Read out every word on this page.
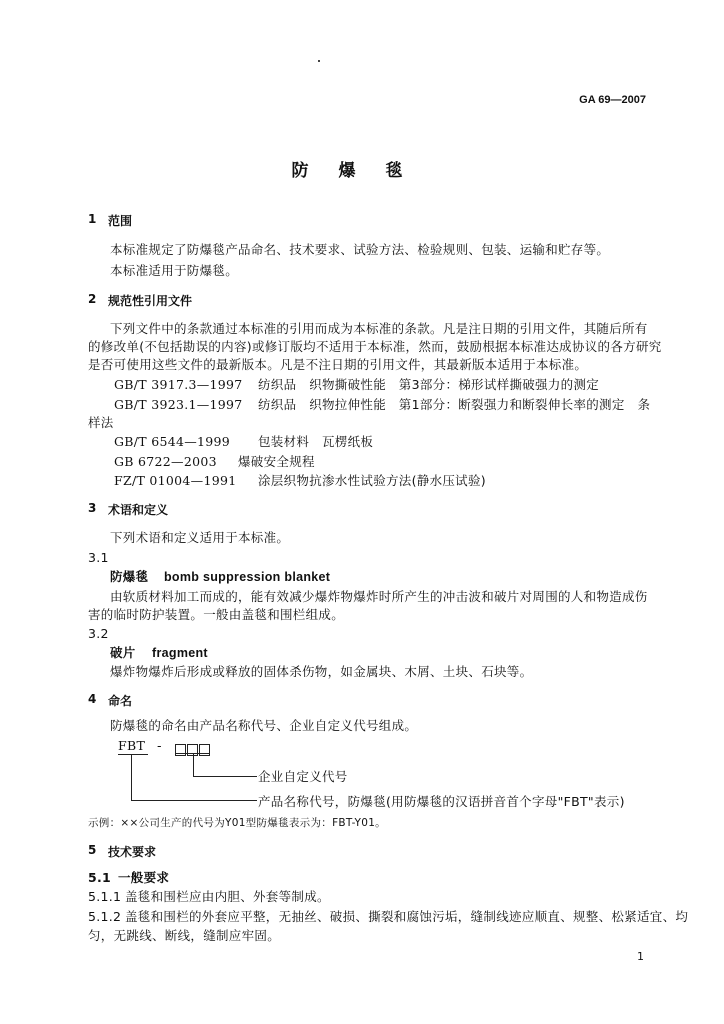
GA 69—2007
防爆毯
1 范围
本标准规定了防爆毯产品命名、技术要求、试验方法、检验规则、包装、运输和贮存等。
本标准适用于防爆毯。
2 规范性引用文件
下列文件中的条款通过本标准的引用而成为本标准的条款。凡是注日期的引用文件，其随后所有
的修改单(不包括勘误的内容)或修订版均不适用于本标准，然而，鼓励根据本标准达成协议的各方研究
是否可使用这些文件的最新版本。凡是不注日期的引用文件，其最新版本适用于本标准。
GB/T 3917.3—1997 纺织品　织物撕破性能　第3部分：梯形试样撕破强力的测定
GB/T 3923.1—1997 纺织品　织物拉伸性能　第1部分：断裂强力和断裂伸长率的测定　条
样法
GB/T 6544—1999 包装材料　瓦楞纸板
GB 6722—2003 爆破安全规程
FZ/T 01004—1991 涂层织物抗渗水性试验方法(静水压试验)
3 术语和定义
下列术语和定义适用于本标准。
3.1
防爆毯 bomb suppression blanket
由软质材料加工而成的，能有效减少爆炸物爆炸时所产生的冲击波和破片对周围的人和物造成伤
害的临时防护装置。一般由盖毯和围栏组成。
3.2
破片 fragment
爆炸物爆炸后形成或释放的固体杀伤物，如金属块、木屑、土块、石块等。
4 命名
防爆毯的命名由产品名称代号、企业自定义代号组成。
FBT -
企业自定义代号
产品名称代号，防爆毯(用防爆毯的汉语拼音首个字母"FBT"表示)
示例：××公司生产的代号为Y01型防爆毯表示为：FBT-Y01。
5 技术要求
5.1 一般要求
5.1.1 盖毯和围栏应由内胆、外套等制成。
5.1.2 盖毯和围栏的外套应平整，无抽丝、破损、撕裂和腐蚀污垢，缝制线迹应顺直、规整、松紧适宜、均
匀，无跳线、断线，缝制应牢固。
1
